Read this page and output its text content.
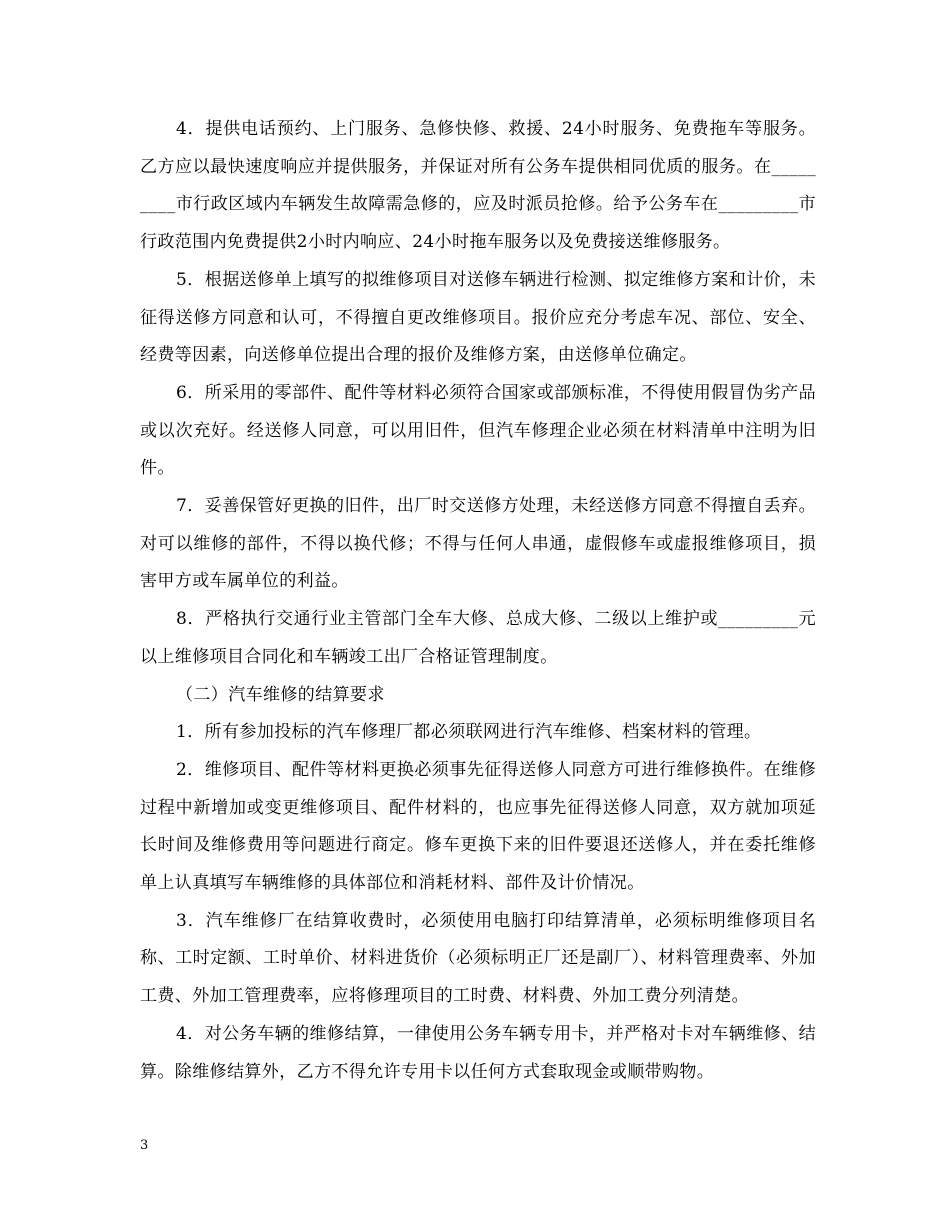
4．提供电话预约、上门服务、急修快修、救援、24小时服务、免费拖车等服务。乙方应以最快速度响应并提供服务，并保证对所有公务车提供相同优质的服务。在_________市行政区域内车辆发生故障需急修的，应及时派员抢修。给予公务车在_________市行政范围内免费提供2小时内响应、24小时拖车服务以及免费接送维修服务。

5．根据送修单上填写的拟维修项目对送修车辆进行检测、拟定维修方案和计价，未征得送修方同意和认可，不得擅自更改维修项目。报价应充分考虑车况、部位、安全、经费等因素，向送修单位提出合理的报价及维修方案，由送修单位确定。

6．所采用的零部件、配件等材料必须符合国家或部颁标准，不得使用假冒伪劣产品或以次充好。经送修人同意，可以用旧件，但汽车修理企业必须在材料清单中注明为旧件。

7．妥善保管好更换的旧件，出厂时交送修方处理，未经送修方同意不得擅自丢弃。对可以维修的部件，不得以换代修；不得与任何人串通，虚假修车或虚报维修项目，损害甲方或车属单位的利益。

8．严格执行交通行业主管部门全车大修、总成大修、二级以上维护或_________元以上维修项目合同化和车辆竣工出厂合格证管理制度。

（二）汽车维修的结算要求

1．所有参加投标的汽车修理厂都必须联网进行汽车维修、档案材料的管理。

2．维修项目、配件等材料更换必须事先征得送修人同意方可进行维修换件。在维修过程中新增加或变更维修项目、配件材料的，也应事先征得送修人同意，双方就加项延长时间及维修费用等问题进行商定。修车更换下来的旧件要退还送修人，并在委托维修单上认真填写车辆维修的具体部位和消耗材料、部件及计价情况。

3．汽车维修厂在结算收费时，必须使用电脑打印结算清单，必须标明维修项目名称、工时定额、工时单价、材料进货价（必须标明正厂还是副厂）、材料管理费率、外加工费、外加工管理费率，应将修理项目的工时费、材料费、外加工费分列清楚。

4．对公务车辆的维修结算，一律使用公务车辆专用卡，并严格对卡对车辆维修、结算。除维修结算外，乙方不得允许专用卡以任何方式套取现金或顺带购物。

3
